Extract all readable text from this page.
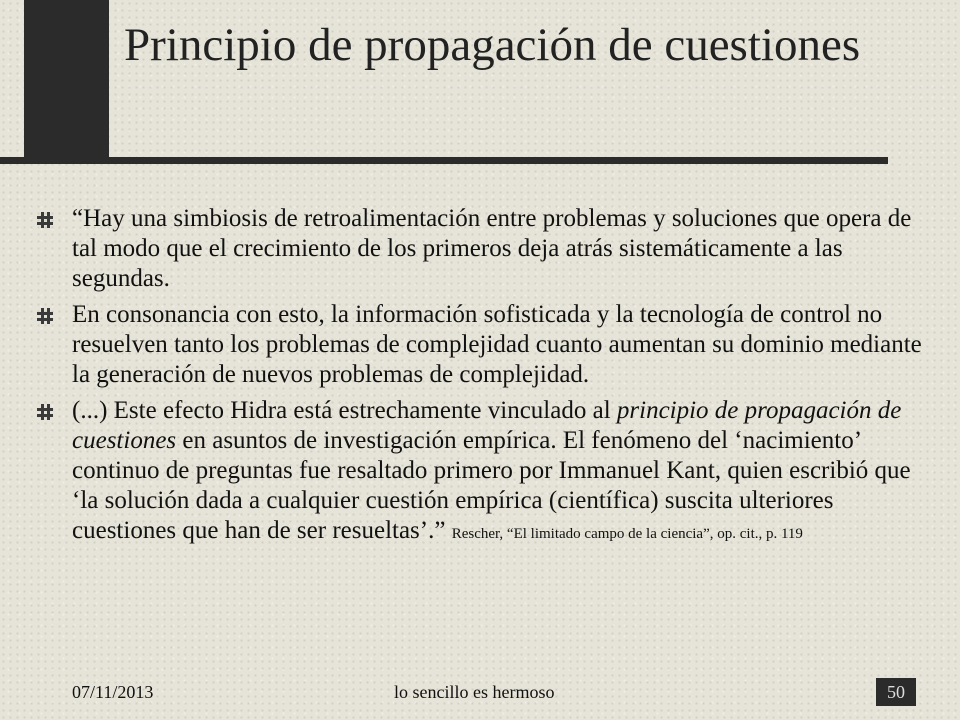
Principio de propagación de cuestiones
“Hay una simbiosis de retroalimentación entre problemas y soluciones que opera de tal modo que el crecimiento de los primeros deja atrás sistemáticamente a las segundas.
En consonancia con esto, la información sofisticada y la tecnología de control no resuelven tanto los problemas de complejidad cuanto aumentan su dominio mediante la generación de nuevos problemas de complejidad.
(...) Este efecto Hidra está estrechamente vinculado al principio de propagación de cuestiones en asuntos de investigación empírica. El fenómeno del ‘nacimiento’ continuo de preguntas fue resaltado primero por Immanuel Kant, quien escribió que ‘la solución dada a cualquier cuestión empírica (científica) suscita ulteriores cuestiones que han de ser resueltas’.” Rescher, “El limitado campo de la ciencia”, op. cit., p. 119
07/11/2013	lo sencillo es hermoso	50
